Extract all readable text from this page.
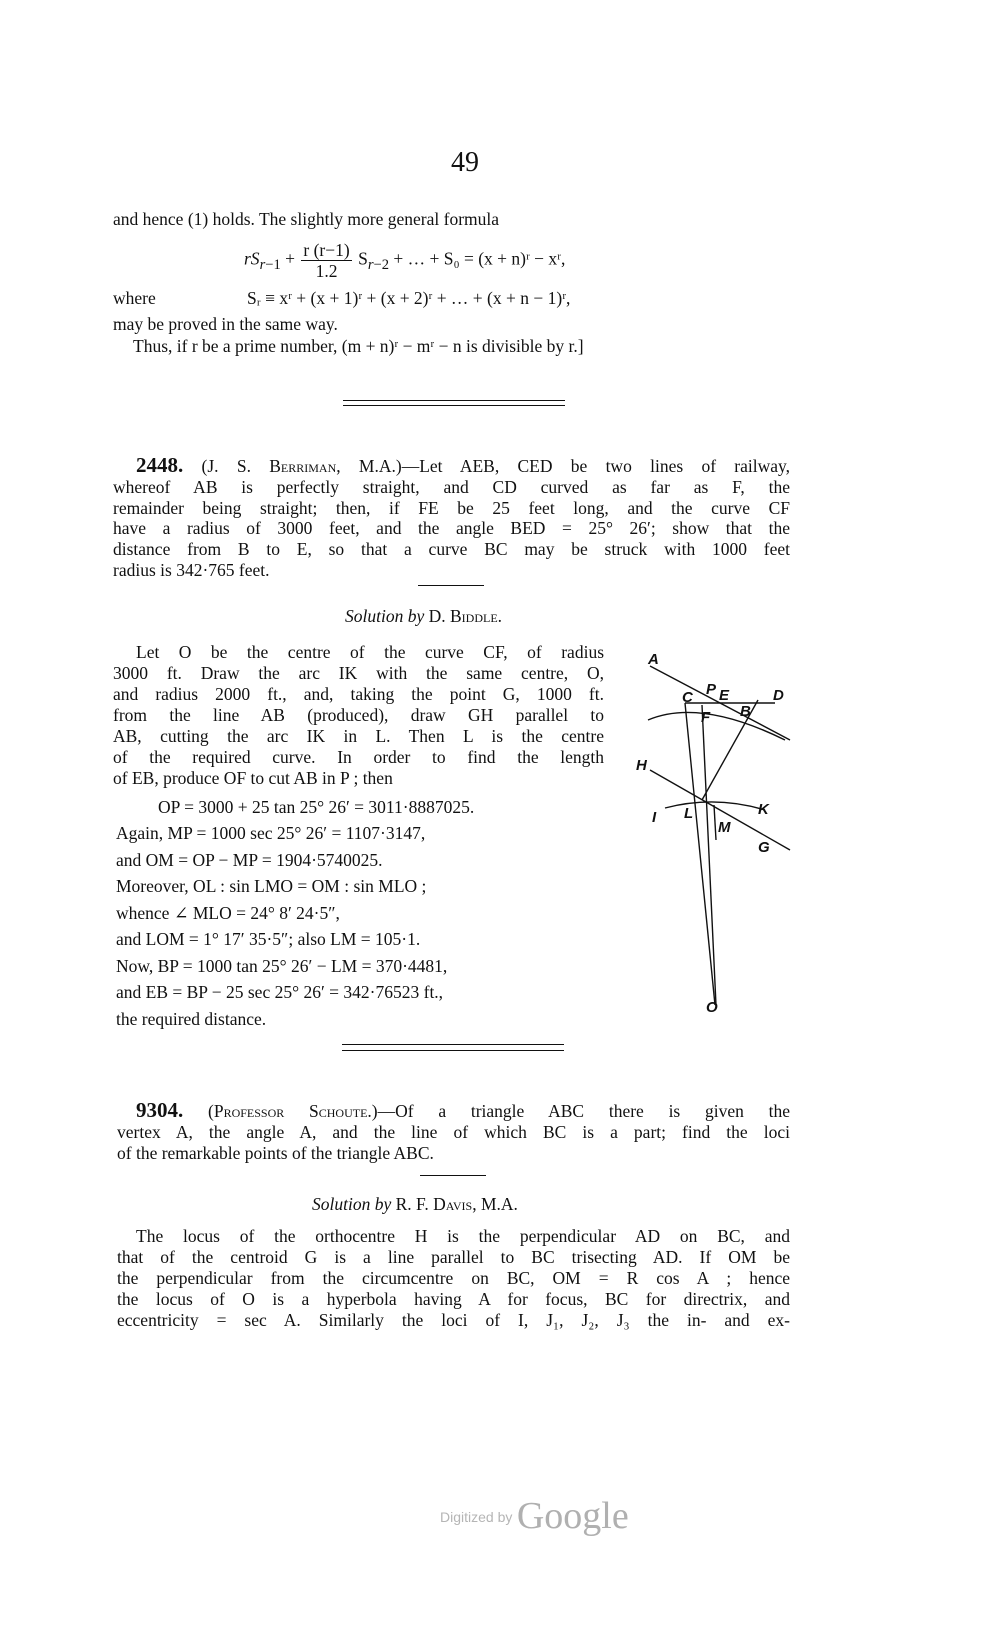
49
and hence (1) holds. The slightly more general formula
$rS_{r-1} + \frac{r (r-1)}{1.2} S_{r-2}$ + … + S₀ = (x + n)ʳ − xʳ,
where	Sᵣ ≡ xʳ + (x + 1)ʳ + (x + 2)ʳ + … + (x + n − 1)ʳ,
may be proved in the same way.
Thus, if r be a prime number, (m + n)ʳ − mʳ − n is divisible by r.]
2448. (J. S. Berriman, M.A.)—Let AEB, CED be two lines of railway,
whereof AB is perfectly straight, and CD curved as far as F, the
remainder being straight; then, if FE be 25 feet long, and the curve CF
have a radius of 3000 feet, and the angle BED = 25° 26′; show that the
distance from B to E, so that a curve BC may be struck with 1000 feet
radius is 342·765 feet.
Solution by D. Biddle.
Let O be the centre of the curve CF, of radius
3000 ft. Draw the arc IK with the same centre, O,
and radius 2000 ft., and, taking the point G, 1000 ft.
from the line AB (produced), draw GH parallel to
AB, cutting the arc IK in L. Then L is the centre
of the required curve. In order to find the length
of EB, produce OF to cut AB in P ; then
OP = 3000 + 25 tan 25° 26′ = 3011·8887025.
Again, MP = 1000 sec 25° 26′ = 1107·3147,
and OM = OP − MP = 1904·5740025.
Moreover, OL : sin LMO = OM : sin MLO ;
whence ∠ MLO = 24° 8′ 24·5″,
and LOM = 1° 17′ 35·5″; also LM = 105·1.
Now, BP = 1000 tan 25° 26′ − LM = 370·4481,
and EB = BP − 25 sec 25° 26′ = 342·76523 ft.,
the required distance.
A
C P E	D
F B
H
I L	K
M
G
O
9304. (Professor Schoute.)—Of a triangle ABC there is given the
vertex A, the angle A, and the line of which BC is a part; find the loci
of the remarkable points of the triangle ABC.
Solution by R. F. Davis, M.A.
The locus of the orthocentre H is the perpendicular AD on BC, and
that of the centroid G is a line parallel to BC trisecting AD. If OM be
the perpendicular from the circumcentre on BC, OM = R cos A ; hence
the locus of O is a hyperbola having A for focus, BC for directrix, and
eccentricity = sec A. Similarly the loci of I, J₁, J₂, J₃ the in- and ex-
Digitized by Google
